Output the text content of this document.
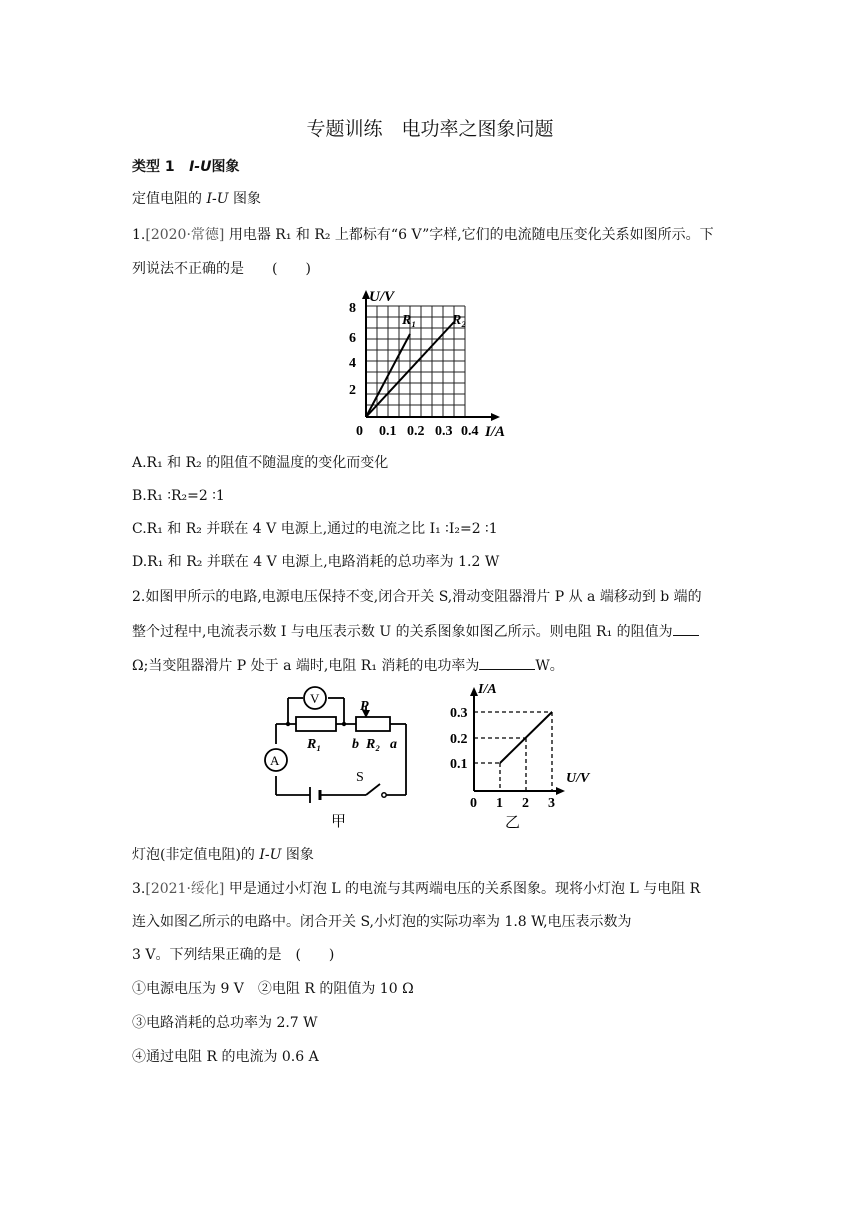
专题训练　电功率之图象问题
类型 1 I-U图象
定值电阻的 I-U 图象
1.[2020·常德] 用电器 R₁ 和 R₂ 上都标有“6 V”字样,它们的电流随电压变化关系如图所示。下
列说法不正确的是　　(　　)
U/V
8
6
4
2
0 0.1 0.2 0.3 0.4 I/A
R₁	R₂
A.R₁ 和 R₂ 的阻值不随温度的变化而变化
B.R₁ ∶R₂=2 ∶1
C.R₁ 和 R₂ 并联在 4 V 电源上,通过的电流之比 I₁ ∶I₂=2 ∶1
D.R₁ 和 R₂ 并联在 4 V 电源上,电路消耗的总功率为 1.2 W
2.如图甲所示的电路,电源电压保持不变,闭合开关 S,滑动变阻器滑片 P 从 a 端移动到 b 端的
整个过程中,电流表示数 I 与电压表示数 U 的关系图象如图乙所示。则电阻 R₁ 的阻值为
Ω;当变阻器滑片 P 处于 a 端时,电阻 R₁ 消耗的电功率为	W。
V
A
R₁
P
b R₂ a
S
甲
I/A
0.3
0.2
0.1
0 1 2 3
U/V
乙
灯泡(非定值电阻)的 I-U 图象
3.[2021·绥化] 甲是通过小灯泡 L 的电流与其两端电压的关系图象。现将小灯泡 L 与电阻 R
连入如图乙所示的电路中。闭合开关 S,小灯泡的实际功率为 1.8 W,电压表示数为
3 V。下列结果正确的是　(　　)
①电源电压为 9 V　②电阻 R 的阻值为 10 Ω
③电路消耗的总功率为 2.7 W
④通过电阻 R 的电流为 0.6 A
